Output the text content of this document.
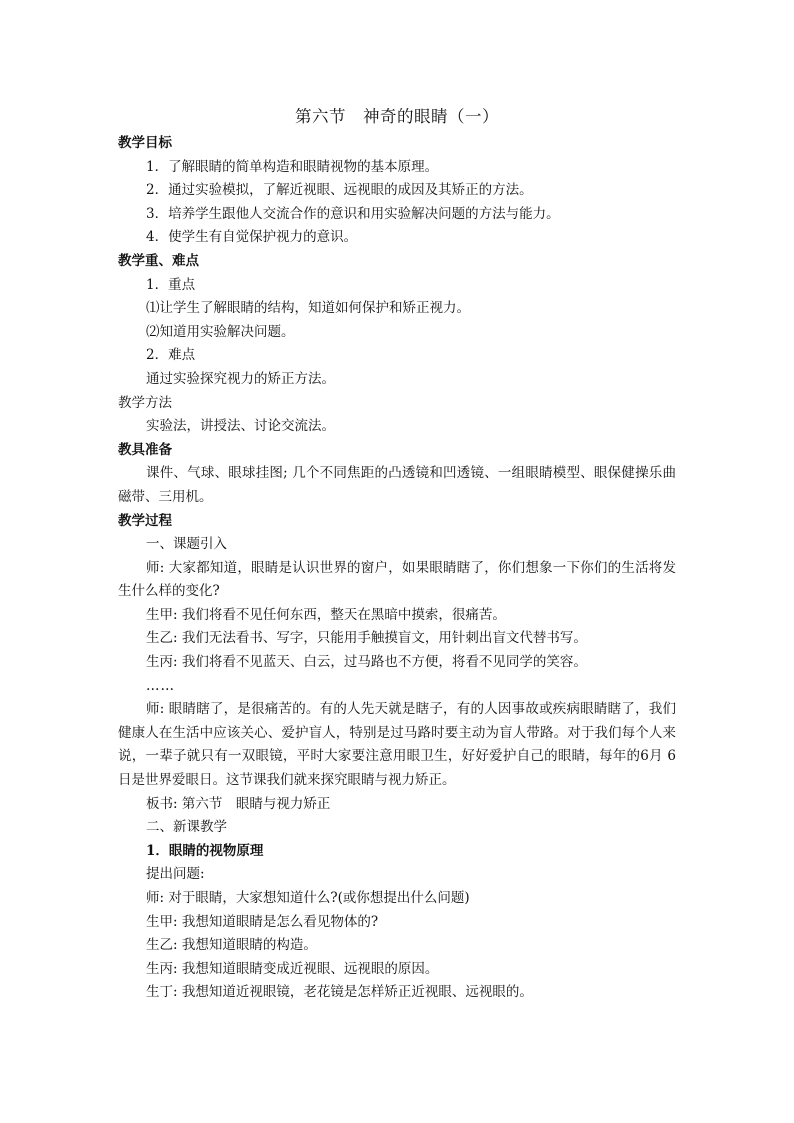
第六节　神奇的眼睛（一）
教学目标
1．了解眼睛的简单构造和眼睛视物的基本原理。
2．通过实验模拟，了解近视眼、远视眼的成因及其矫正的方法。
3．培养学生跟他人交流合作的意识和用实验解决问题的方法与能力。
4．使学生有自觉保护视力的意识。
教学重、难点
1．重点
⑴让学生了解眼睛的结构，知道如何保护和矫正视力。
⑵知道用实验解决问题。
2．难点
通过实验探究视力的矫正方法。
教学方法
实验法，讲授法、讨论交流法。
教具准备
课件、气球、眼球挂图; 几个不同焦距的凸透镜和凹透镜、一组眼睛模型、眼保健操乐曲磁带、三用机。
教学过程
一、课题引入
师: 大家都知道，眼睛是认识世界的窗户，如果眼睛瞎了，你们想象一下你们的生活将发生什么样的变化?
生甲: 我们将看不见任何东西，整天在黑暗中摸索，很痛苦。
生乙: 我们无法看书、写字，只能用手触摸盲文，用针刺出盲文代替书写。
生丙: 我们将看不见蓝天、白云，过马路也不方便，将看不见同学的笑容。
……
师: 眼睛瞎了，是很痛苦的。有的人先天就是瞎子，有的人因事故或疾病眼睛瞎了，我们健康人在生活中应该关心、爱护盲人，特别是过马路时要主动为盲人带路。对于我们每个人来说，一辈子就只有一双眼镜，平时大家要注意用眼卫生，好好爱护自己的眼睛，每年的6月 6日是世界爱眼日。这节课我们就来探究眼睛与视力矫正。
板书: 第六节　眼睛与视力矫正
二、新课教学
1．眼睛的视物原理
提出问题:
师: 对于眼睛，大家想知道什么?(或你想提出什么问题)
生甲: 我想知道眼睛是怎么看见物体的?
生乙: 我想知道眼睛的构造。
生丙: 我想知道眼睛变成近视眼、远视眼的原因。
生丁: 我想知道近视眼镜，老花镜是怎样矫正近视眼、远视眼的。
